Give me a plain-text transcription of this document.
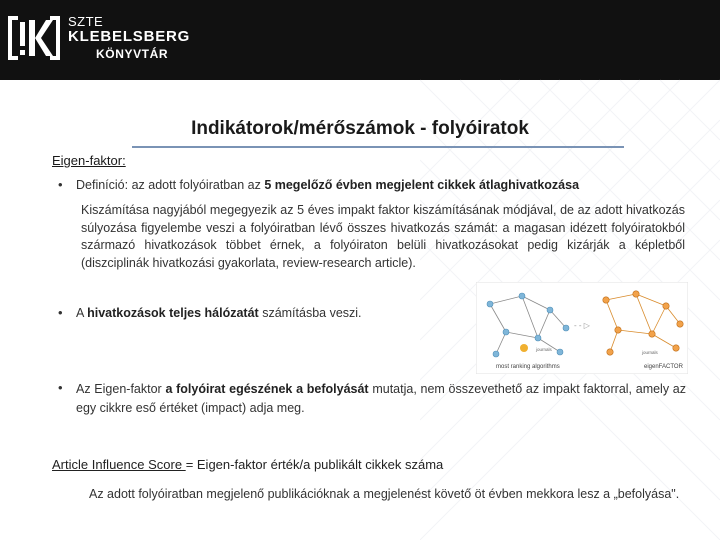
SZTE
KLEBELSBERG
KÖNYVTÁR
Indikátorok/mérőszámok - folyóiratok
Eigen-faktor:
• Definíció: az adott folyóiratban az 5 megelőző évben megjelent cikkek átlaghivatkozása
Kiszámítása nagyjából megegyezik az 5 éves impakt faktor kiszámításának módjával, de az adott hivatkozás súlyozása figyelembe veszi a folyóiratban lévő összes hivatkozás számát: a magasan idézett folyóiratokból származó hivatkozások többet érnek, a folyóiraton belüli hivatkozásokat pedig kizárják a képletből (diszciplinák hivatkozási gyakorlata, review-research article).
• A hivatkozások teljes hálózatát számításba veszi.
• Az Eigen-faktor a folyóirat egészének a befolyását mutatja, nem összevethető az impakt faktorral, amely az egy cikkre eső értéket (impact) adja meg.
journals
most ranking algorithms
- - ▷
journals
eigenFACTOR
Article Influence Score = Eigen-faktor érték/a publikált cikkek száma
Az adott folyóiratban megjelenő publikációknak a megjelenést követő öt évben mekkora lesz a „befolyása".
